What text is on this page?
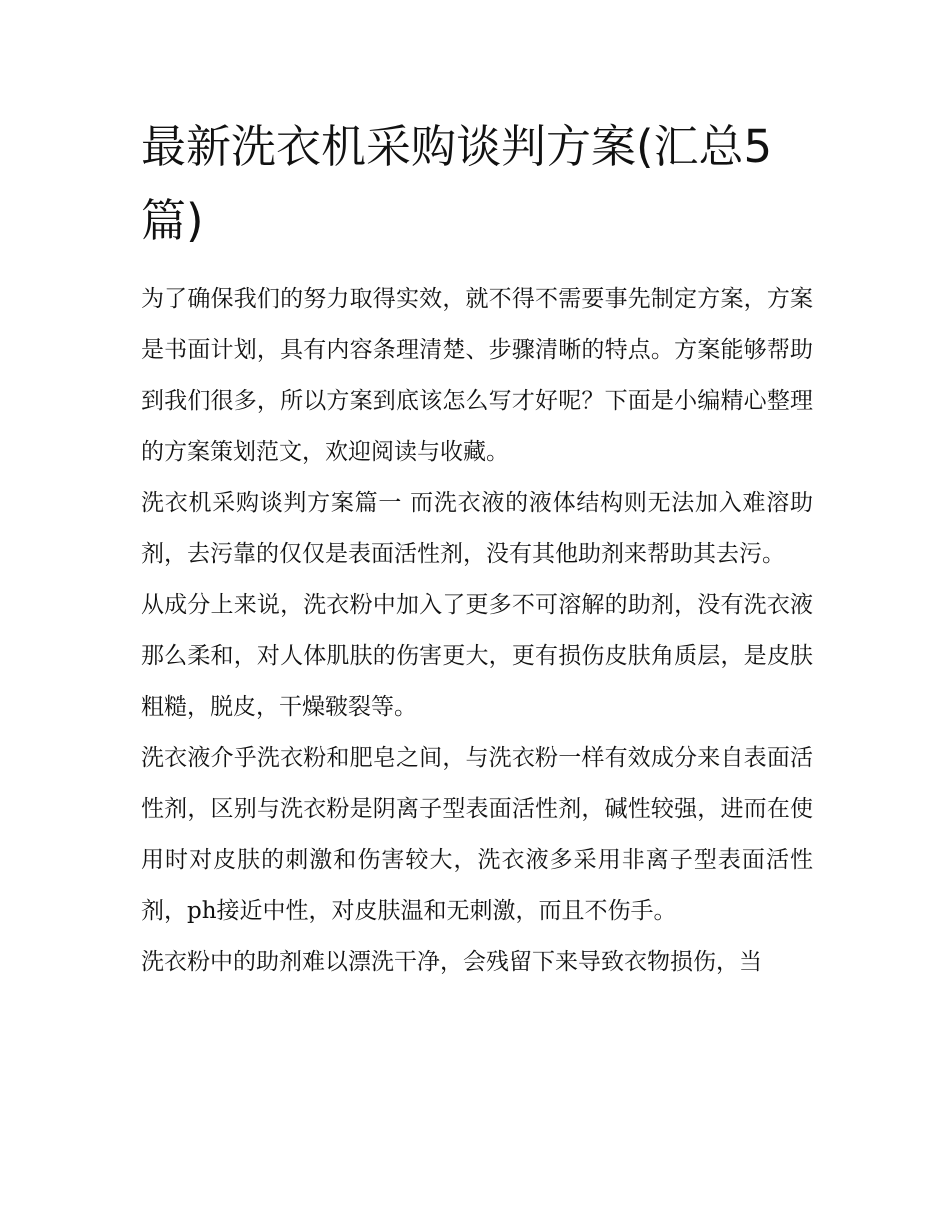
最新洗衣机采购谈判方案(汇总5篇)

为了确保我们的努力取得实效，就不得不需要事先制定方案，方案是书面计划，具有内容条理清楚、步骤清晰的特点。方案能够帮助到我们很多，所以方案到底该怎么写才好呢？下面是小编精心整理的方案策划范文，欢迎阅读与收藏。

洗衣机采购谈判方案篇一 而洗衣液的液体结构则无法加入难溶助剂，去污靠的仅仅是表面活性剂，没有其他助剂来帮助其去污。

从成分上来说，洗衣粉中加入了更多不可溶解的助剂，没有洗衣液那么柔和，对人体肌肤的伤害更大，更有损伤皮肤角质层，是皮肤粗糙，脱皮，干燥皲裂等。

洗衣液介乎洗衣粉和肥皂之间，与洗衣粉一样有效成分来自表面活性剂，区别与洗衣粉是阴离子型表面活性剂，碱性较强，进而在使用时对皮肤的刺激和伤害较大，洗衣液多采用非离子型表面活性剂，ph接近中性，对皮肤温和无刺激，而且不伤手。

洗衣粉中的助剂难以漂洗干净，会残留下来导致衣物损伤，当
